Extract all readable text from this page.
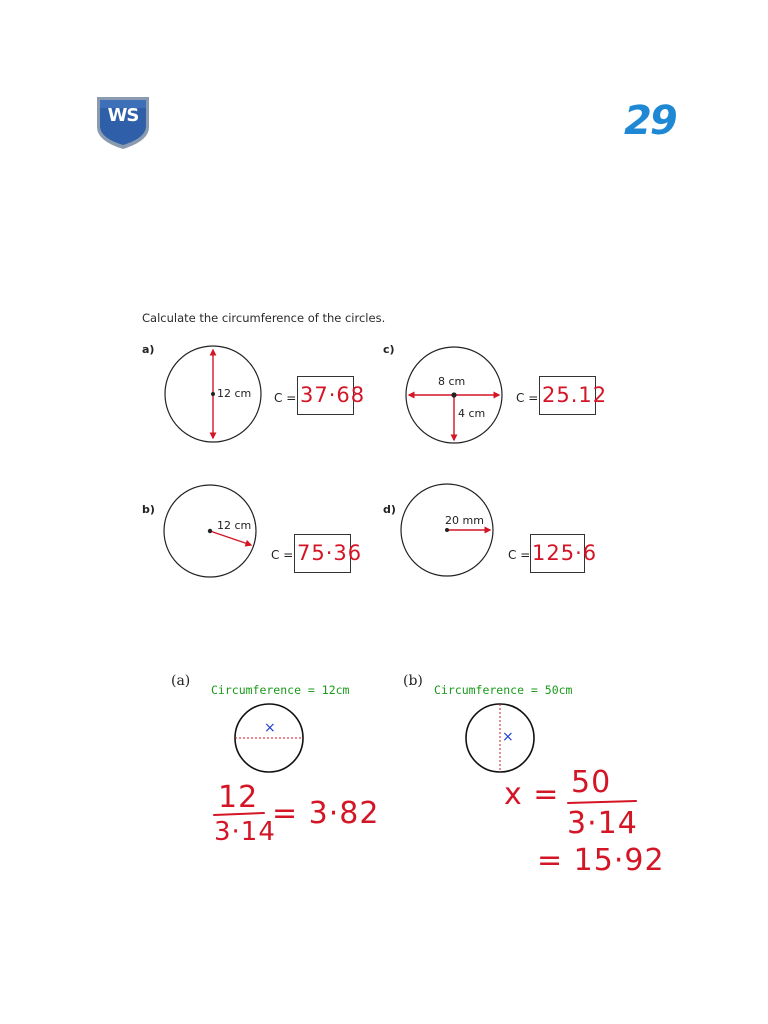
WS	29
Calculate the circumference of the circles.
a)
12 cm C = 37·68
b)
12 cm
C = 75·36
c)
8 cm
4 cm
C = 25.12
d)
20 mm
C = 125·6
(a)
Circumference = 12cm
×
12
3·14
= 3·82
(b)
Circumference = 50cm
×
x = 50
3·14
= 15·92
